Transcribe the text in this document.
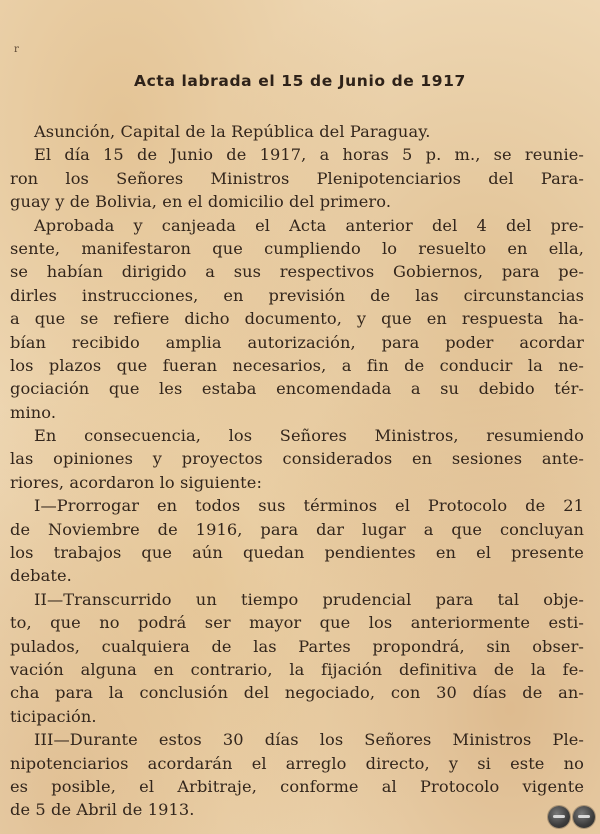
r
Acta labrada el 15 de Junio de 1917
Asunción, Capital de la República del Paraguay.
El día 15 de Junio de 1917, a horas 5 p. m., se reunie-
ron los Señores Ministros Plenipotenciarios del Para-
guay y de Bolivia, en el domicilio del primero.
Aprobada y canjeada el Acta anterior del 4 del pre-
sente, manifestaron que cumpliendo lo resuelto en ella,
se habían dirigido a sus respectivos Gobiernos, para pe-
dirles instrucciones, en previsión de las circunstancias
a que se refiere dicho documento, y que en respuesta ha-
bían recibido amplia autorización, para poder acordar
los plazos que fueran necesarios, a fin de conducir la ne-
gociación que les estaba encomendada a su debido tér-
mino.
En consecuencia, los Señores Ministros, resumiendo
las opiniones y proyectos considerados en sesiones ante-
riores, acordaron lo siguiente:
I—Prorrogar en todos sus términos el Protocolo de 21
de Noviembre de 1916, para dar lugar a que concluyan
los trabajos que aún quedan pendientes en el presente
debate.
II—Transcurrido un tiempo prudencial para tal obje-
to, que no podrá ser mayor que los anteriormente esti-
pulados, cualquiera de las Partes propondrá, sin obser-
vación alguna en contrario, la fijación definitiva de la fe-
cha para la conclusión del negociado, con 30 días de an-
ticipación.
III—Durante estos 30 días los Señores Ministros Ple-
nipotenciarios acordarán el arreglo directo, y si este no
es posible, el Arbitraje, conforme al Protocolo vigente
de 5 de Abril de 1913.
